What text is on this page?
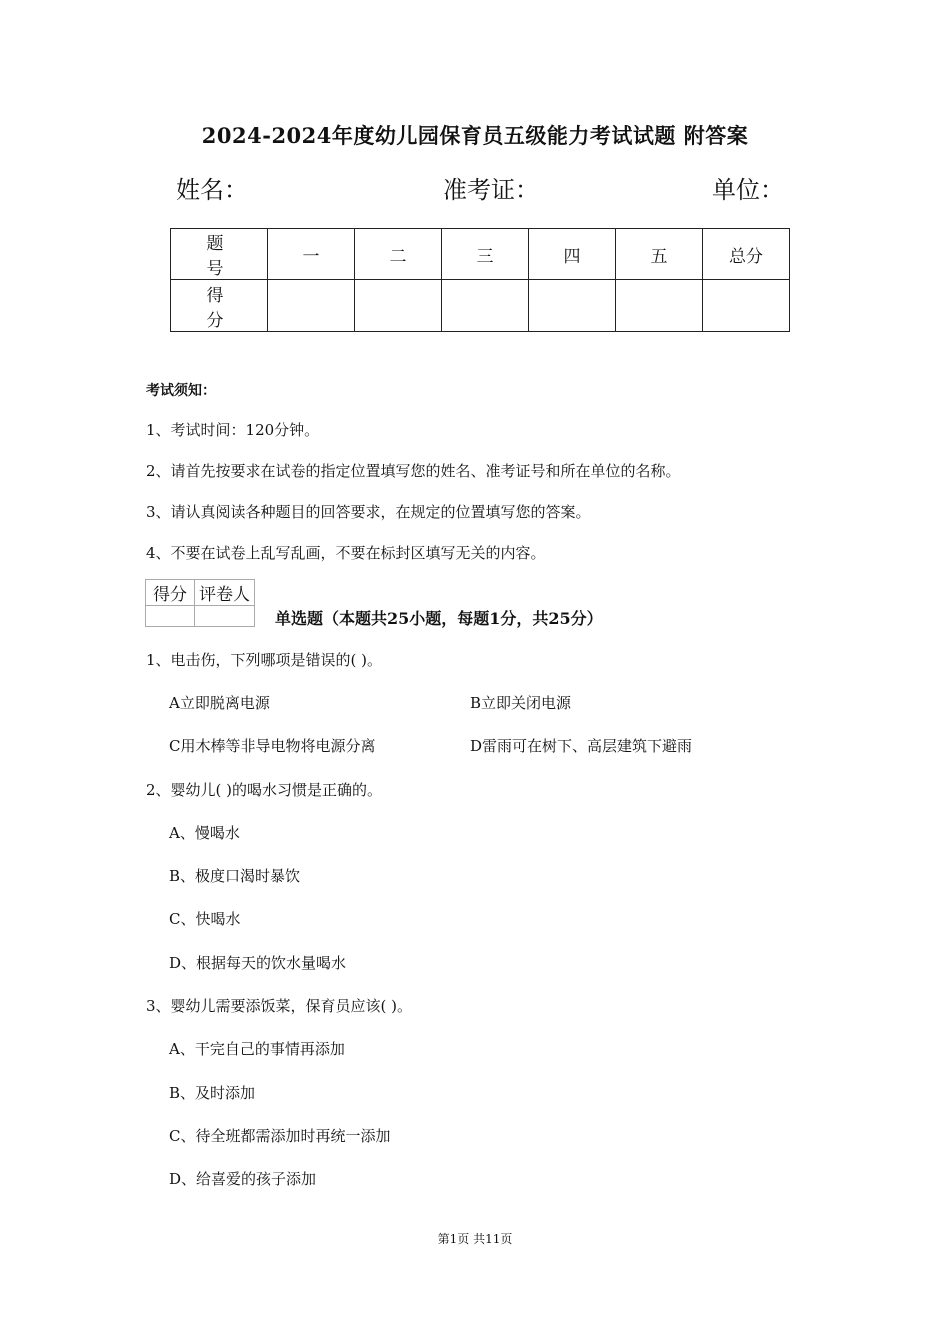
2024-2024年度幼儿园保育员五级能力考试试题 附答案
姓名：	准考证：	单位：
题 号	一	二	三	四	五	总分
得 分						
考试须知：
1、考试时间：120分钟。
2、请首先按要求在试卷的指定位置填写您的姓名、准考证号和所在单位的名称。
3、请认真阅读各种题目的回答要求，在规定的位置填写您的答案。
4、不要在试卷上乱写乱画，不要在标封区填写无关的内容。
得分	评卷人

单选题（本题共25小题，每题1分，共25分）
1、电击伤，下列哪项是错误的( )。
A立即脱离电源	B立即关闭电源
C用木棒等非导电物将电源分离	D雷雨可在树下、高层建筑下避雨
2、婴幼儿( )的喝水习惯是正确的。
A、慢喝水
B、极度口渴时暴饮
C、快喝水
D、根据每天的饮水量喝水
3、婴幼儿需要添饭菜，保育员应该( )。
A、干完自己的事情再添加
B、及时添加
C、待全班都需添加时再统一添加
D、给喜爱的孩子添加
第1页 共11页
